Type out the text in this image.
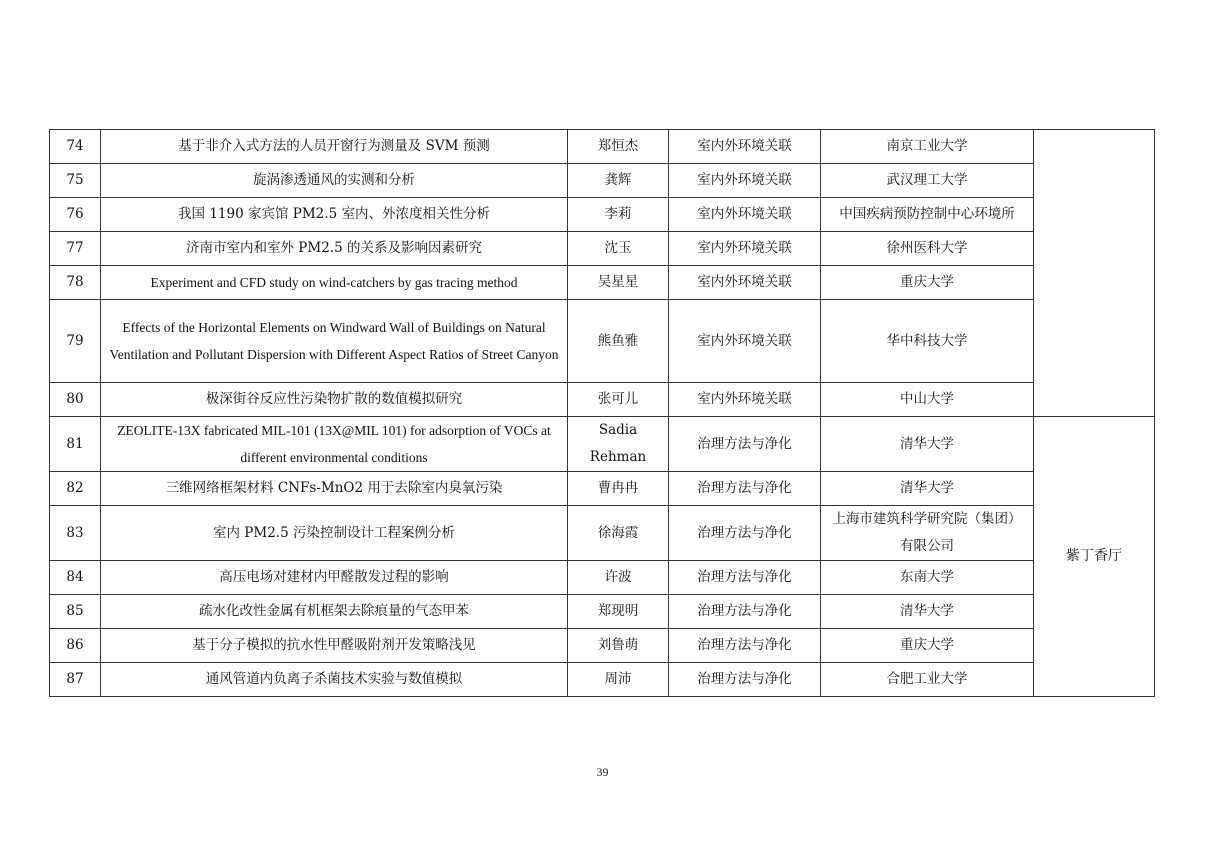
74	基于非介入式方法的人员开窗行为测量及 SVM 预测	郑恒杰	室内外环境关联	南京工业大学	
75	旋涡渗透通风的实测和分析	龚辉	室内外环境关联	武汉理工大学	
76	我国 1190 家宾馆 PM2.5 室内、外浓度相关性分析	李莉	室内外环境关联	中国疾病预防控制中心环境所	
77	济南市室内和室外 PM2.5 的关系及影响因素研究	沈玉	室内外环境关联	徐州医科大学	
78	Experiment and CFD study on wind-catchers by gas tracing method	吴星星	室内外环境关联	重庆大学	
79	Effects of the Horizontal Elements on Windward Wall of Buildings on Natural Ventilation and Pollutant Dispersion with Different Aspect Ratios of Street Canyon	熊鱼雅	室内外环境关联	华中科技大学	
80	极深街谷反应性污染物扩散的数值模拟研究	张可儿	室内外环境关联	中山大学	
81	ZEOLITE-13X fabricated MIL-101 (13X@MIL 101) for adsorption of VOCs at different environmental conditions	Sadia Rehman	治理方法与净化	清华大学	紫丁香厅
82	三维网络框架材料 CNFs-MnO2 用于去除室内臭氧污染	曹冉冉	治理方法与净化	清华大学	
83	室内 PM2.5 污染控制设计工程案例分析	徐海霞	治理方法与净化	上海市建筑科学研究院（集团）有限公司	
84	高压电场对建材内甲醛散发过程的影响	许波	治理方法与净化	东南大学	
85	疏水化改性金属有机框架去除痕量的气态甲苯	郑现明	治理方法与净化	清华大学	
86	基于分子模拟的抗水性甲醛吸附剂开发策略浅见	刘鲁萌	治理方法与净化	重庆大学	
87	通风管道内负离子杀菌技术实验与数值模拟	周沛	治理方法与净化	合肥工业大学	
39
